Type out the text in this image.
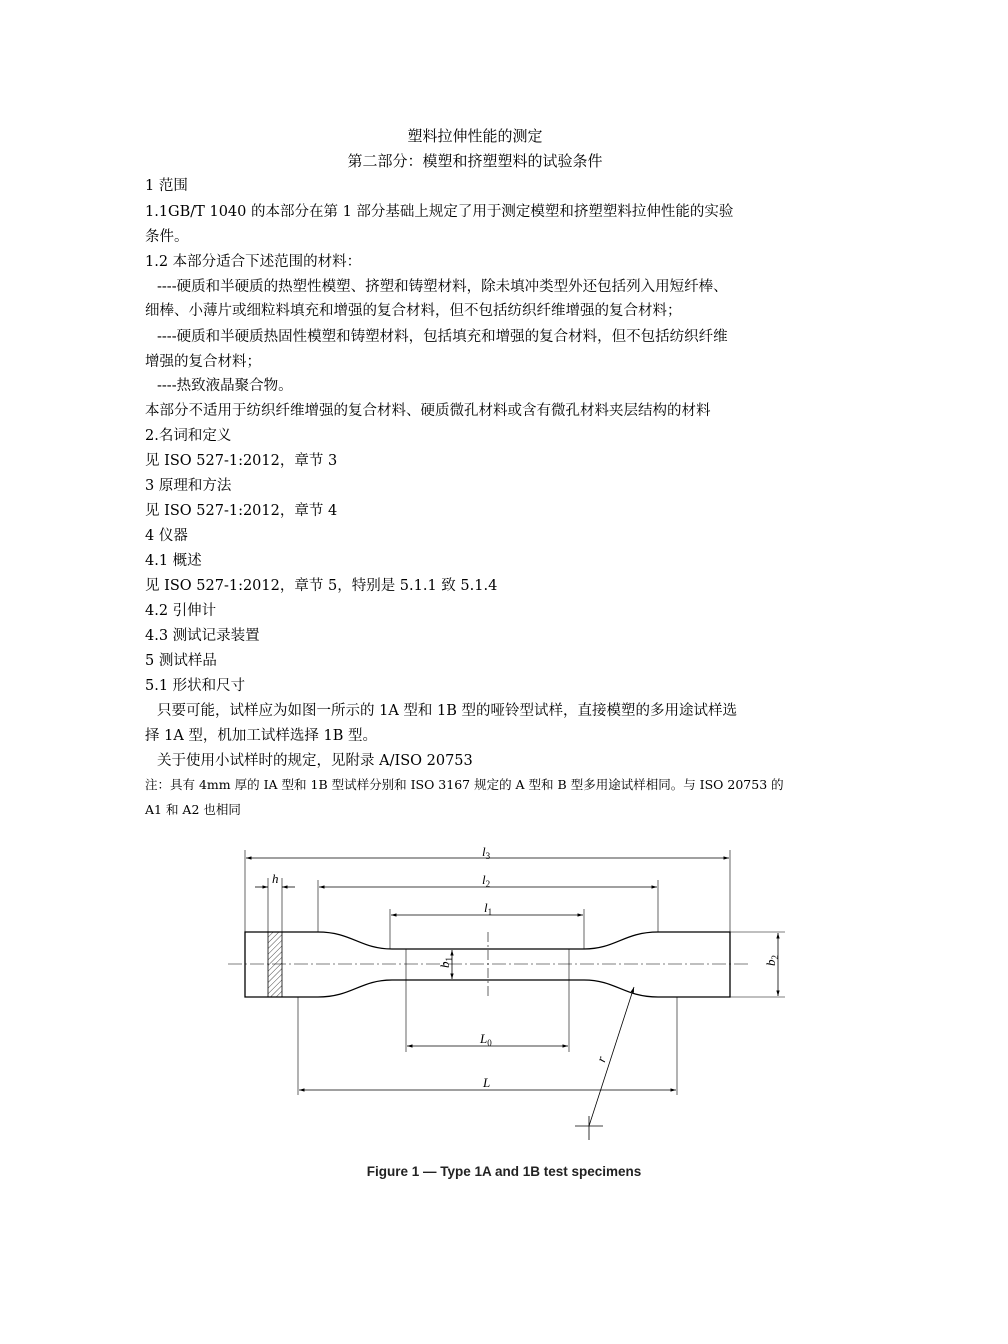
塑料拉伸性能的测定
第二部分：模塑和挤塑塑料的试验条件
1 范围
1.1GB/T 1040 的本部分在第 1 部分基础上规定了用于测定模塑和挤塑塑料拉伸性能的实验
条件。
1.2 本部分适合下述范围的材料：
----硬质和半硬质的热塑性模塑、挤塑和铸塑材料，除未填冲类型外还包括列入用短纤棒、
细棒、小薄片或细粒料填充和增强的复合材料，但不包括纺织纤维增强的复合材料；
----硬质和半硬质热固性模塑和铸塑材料，包括填充和增强的复合材料，但不包括纺织纤维
增强的复合材料；
----热致液晶聚合物。
本部分不适用于纺织纤维增强的复合材料、硬质微孔材料或含有微孔材料夹层结构的材料
2.名词和定义
见 ISO 527-1:2012，章节 3
3 原理和方法
见 ISO 527-1:2012，章节 4
4 仪器
4.1 概述
见 ISO 527-1:2012，章节 5，特别是 5.1.1 致 5.1.4
4.2 引伸计
4.3 测试记录装置
5 测试样品
5.1 形状和尺寸
只要可能，试样应为如图一所示的 1A 型和 1B 型的哑铃型试样，直接模塑的多用途试样选
择 1A 型，机加工试样选择 1B 型。
关于使用小试样时的规定，见附录 A/ISO 20753
注：具有 4mm 厚的 IA 型和 1B 型试样分别和 ISO 3167 规定的 A 型和 B 型多用途试样相同。与 ISO 20753 的
A1 和 A2 也相同
$l_3$
$l_2$
$l_1$
h
$b_1$
$b_2$
$L_0$
L
r
Figure 1 — Type 1A and 1B test specimens
